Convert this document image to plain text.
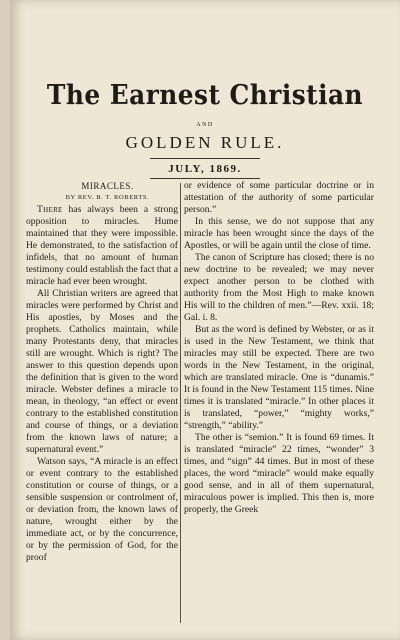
The Earnest Christian
AND
GOLDEN RULE.
JULY, 1869.

MIRACLES.

BY REV. B. T. ROBERTS.

There has always been a strong opposition to miracles. Hume maintained that they were impossible. He demonstrated, to the satisfaction of infidels, that no amount of human testimony could establish the fact that a miracle had ever been wrought.

All Christian writers are agreed that miracles were performed by Christ and His apostles, by Moses and the prophets. Catholics maintain, while many Protestants deny, that miracles still are wrought. Which is right? The answer to this question depends upon the definition that is given to the word miracle. Webster defines a miracle to mean, in theology, “an effect or event contrary to the established constitution and course of things, or a deviation from the known laws of nature; a supernatural event.”

Watson says, “A miracle is an effect or event contrary to the established constitution or course of things, or a sensible suspension or controlment of, or deviation from, the known laws of nature, wrought either by the immediate act, or by the concurrence, or by the permission of God, for the proof

or evidence of some particular doctrine or in attestation of the authority of some particular person.”

In this sense, we do not suppose that any miracle has been wrought since the days of the Apostles, or will be again until the close of time.

The canon of Scripture has closed; there is no new doctrine to be revealed; we may never expect another person to be clothed with authority from the Most High to make known His will to the children of men.”—Rev. xxii. 18; Gal. i. 8.

But as the word is defined by Webster, or as it is used in the New Testament, we think that miracles may still be expected. There are two words in the New Testament, in the original, which are translated miracle. One is “dunamis.” It is found in the New Testament 115 times. Nine times it is translated “miracle.” In other places it is translated, “power,” “mighty works,” “strength,” “ability.”

The other is “semion.” It is found 69 times. It is translated “miracle” 22 times, “wonder” 3 times, and “sign” 44 times. But in most of these places, the word “miracle” would make equally good sense, and in all of them supernatural, miraculous power is implied. This then is, more properly, the Greek
